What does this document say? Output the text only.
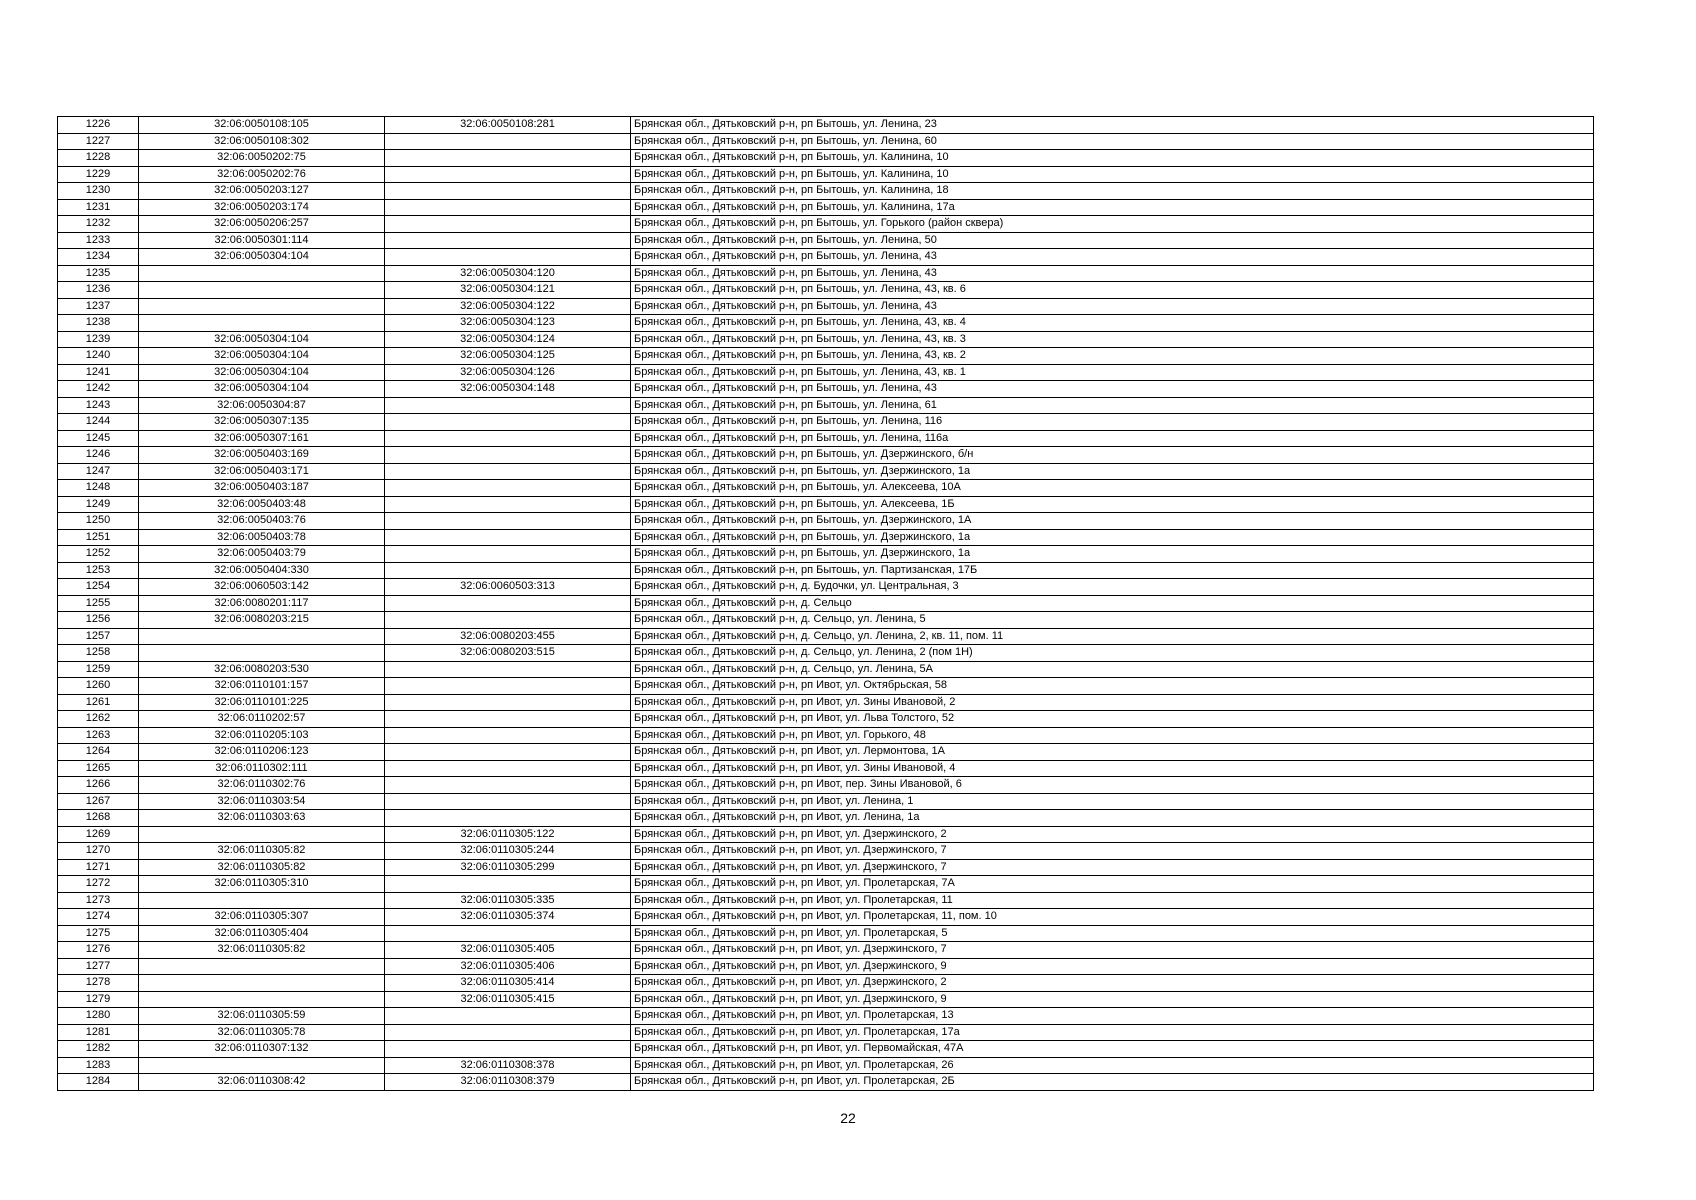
1226	32:06:0050108:105	32:06:0050108:281	Брянская обл., Дятьковский р-н, рп Бытошь, ул. Ленина, 23
1227	32:06:0050108:302		Брянская обл., Дятьковский р-н, рп Бытошь, ул. Ленина, 60
1228	32:06:0050202:75		Брянская обл., Дятьковский р-н, рп Бытошь, ул. Калинина, 10
1229	32:06:0050202:76		Брянская обл., Дятьковский р-н, рп Бытошь, ул. Калинина, 10
1230	32:06:0050203:127		Брянская обл., Дятьковский р-н, рп Бытошь, ул. Калинина, 18
1231	32:06:0050203:174		Брянская обл., Дятьковский р-н, рп Бытошь, ул. Калинина, 17а
1232	32:06:0050206:257		Брянская обл., Дятьковский р-н, рп Бытошь, ул. Горького (район сквера)
1233	32:06:0050301:114		Брянская обл., Дятьковский р-н, рп Бытошь, ул. Ленина, 50
1234	32:06:0050304:104		Брянская обл., Дятьковский р-н, рп Бытошь, ул. Ленина, 43
1235		32:06:0050304:120	Брянская обл., Дятьковский р-н, рп Бытошь, ул. Ленина, 43
1236		32:06:0050304:121	Брянская обл., Дятьковский р-н, рп Бытошь, ул. Ленина, 43, кв. 6
1237		32:06:0050304:122	Брянская обл., Дятьковский р-н, рп Бытошь, ул. Ленина, 43
1238		32:06:0050304:123	Брянская обл., Дятьковский р-н, рп Бытошь, ул. Ленина, 43, кв. 4
1239	32:06:0050304:104	32:06:0050304:124	Брянская обл., Дятьковский р-н, рп Бытошь, ул. Ленина, 43, кв. 3
1240	32:06:0050304:104	32:06:0050304:125	Брянская обл., Дятьковский р-н, рп Бытошь, ул. Ленина, 43, кв. 2
1241	32:06:0050304:104	32:06:0050304:126	Брянская обл., Дятьковский р-н, рп Бытошь, ул. Ленина, 43, кв. 1
1242	32:06:0050304:104	32:06:0050304:148	Брянская обл., Дятьковский р-н, рп Бытошь, ул. Ленина, 43
1243	32:06:0050304:87		Брянская обл., Дятьковский р-н, рп Бытошь, ул. Ленина, 61
1244	32:06:0050307:135		Брянская обл., Дятьковский р-н, рп Бытошь, ул. Ленина, 116
1245	32:06:0050307:161		Брянская обл., Дятьковский р-н, рп Бытошь, ул. Ленина, 116а
1246	32:06:0050403:169		Брянская обл., Дятьковский р-н, рп Бытошь, ул. Дзержинского, б/н
1247	32:06:0050403:171		Брянская обл., Дятьковский р-н, рп Бытошь, ул. Дзержинского, 1а
1248	32:06:0050403:187		Брянская обл., Дятьковский р-н, рп Бытошь, ул. Алексеева, 10А
1249	32:06:0050403:48		Брянская обл., Дятьковский р-н, рп Бытошь, ул. Алексеева, 1Б
1250	32:06:0050403:76		Брянская обл., Дятьковский р-н, рп Бытошь, ул. Дзержинского, 1А
1251	32:06:0050403:78		Брянская обл., Дятьковский р-н, рп Бытошь, ул. Дзержинского, 1а
1252	32:06:0050403:79		Брянская обл., Дятьковский р-н, рп Бытошь, ул. Дзержинского, 1а
1253	32:06:0050404:330		Брянская обл., Дятьковский р-н, рп Бытошь, ул. Партизанская, 17Б
1254	32:06:0060503:142	32:06:0060503:313	Брянская обл., Дятьковский р-н, д. Будочки, ул. Центральная, 3
1255	32:06:0080201:117		Брянская обл., Дятьковский р-н, д. Сельцо
1256	32:06:0080203:215		Брянская обл., Дятьковский р-н, д. Сельцо, ул. Ленина, 5
1257		32:06:0080203:455	Брянская обл., Дятьковский р-н, д. Сельцо, ул. Ленина, 2, кв. 11, пом. 11
1258		32:06:0080203:515	Брянская обл., Дятьковский р-н, д. Сельцо, ул. Ленина, 2 (пом 1Н)
1259	32:06:0080203:530		Брянская обл., Дятьковский р-н, д. Сельцо, ул. Ленина, 5А
1260	32:06:0110101:157		Брянская обл., Дятьковский р-н, рп Ивот, ул. Октябрьская, 58
1261	32:06:0110101:225		Брянская обл., Дятьковский р-н, рп Ивот, ул. Зины Ивановой, 2
1262	32:06:0110202:57		Брянская обл., Дятьковский р-н, рп Ивот, ул. Льва Толстого, 52
1263	32:06:0110205:103		Брянская обл., Дятьковский р-н, рп Ивот, ул. Горького, 48
1264	32:06:0110206:123		Брянская обл., Дятьковский р-н, рп Ивот, ул. Лермонтова, 1А
1265	32:06:0110302:111		Брянская обл., Дятьковский р-н, рп Ивот, ул. Зины Ивановой, 4
1266	32:06:0110302:76		Брянская обл., Дятьковский р-н, рп Ивот, пер. Зины Ивановой, 6
1267	32:06:0110303:54		Брянская обл., Дятьковский р-н, рп Ивот, ул. Ленина, 1
1268	32:06:0110303:63		Брянская обл., Дятьковский р-н, рп Ивот, ул. Ленина, 1а
1269		32:06:0110305:122	Брянская обл., Дятьковский р-н, рп Ивот, ул. Дзержинского, 2
1270	32:06:0110305:82	32:06:0110305:244	Брянская обл., Дятьковский р-н, рп Ивот, ул. Дзержинского, 7
1271	32:06:0110305:82	32:06:0110305:299	Брянская обл., Дятьковский р-н, рп Ивот, ул. Дзержинского, 7
1272	32:06:0110305:310		Брянская обл., Дятьковский р-н, рп Ивот, ул. Пролетарская, 7А
1273		32:06:0110305:335	Брянская обл., Дятьковский р-н, рп Ивот, ул. Пролетарская, 11
1274	32:06:0110305:307	32:06:0110305:374	Брянская обл., Дятьковский р-н, рп Ивот, ул. Пролетарская, 11, пом. 10
1275	32:06:0110305:404		Брянская обл., Дятьковский р-н, рп Ивот, ул. Пролетарская, 5
1276	32:06:0110305:82	32:06:0110305:405	Брянская обл., Дятьковский р-н, рп Ивот, ул. Дзержинского, 7
1277		32:06:0110305:406	Брянская обл., Дятьковский р-н, рп Ивот, ул. Дзержинского, 9
1278		32:06:0110305:414	Брянская обл., Дятьковский р-н, рп Ивот, ул. Дзержинского, 2
1279		32:06:0110305:415	Брянская обл., Дятьковский р-н, рп Ивот, ул. Дзержинского, 9
1280	32:06:0110305:59		Брянская обл., Дятьковский р-н, рп Ивот, ул. Пролетарская, 13
1281	32:06:0110305:78		Брянская обл., Дятьковский р-н, рп Ивот, ул. Пролетарская, 17а
1282	32:06:0110307:132		Брянская обл., Дятьковский р-н, рп Ивот, ул. Первомайская, 47А
1283		32:06:0110308:378	Брянская обл., Дятьковский р-н, рп Ивот, ул. Пролетарская, 26
1284	32:06:0110308:42	32:06:0110308:379	Брянская обл., Дятьковский р-н, рп Ивот, ул. Пролетарская, 2Б
22
